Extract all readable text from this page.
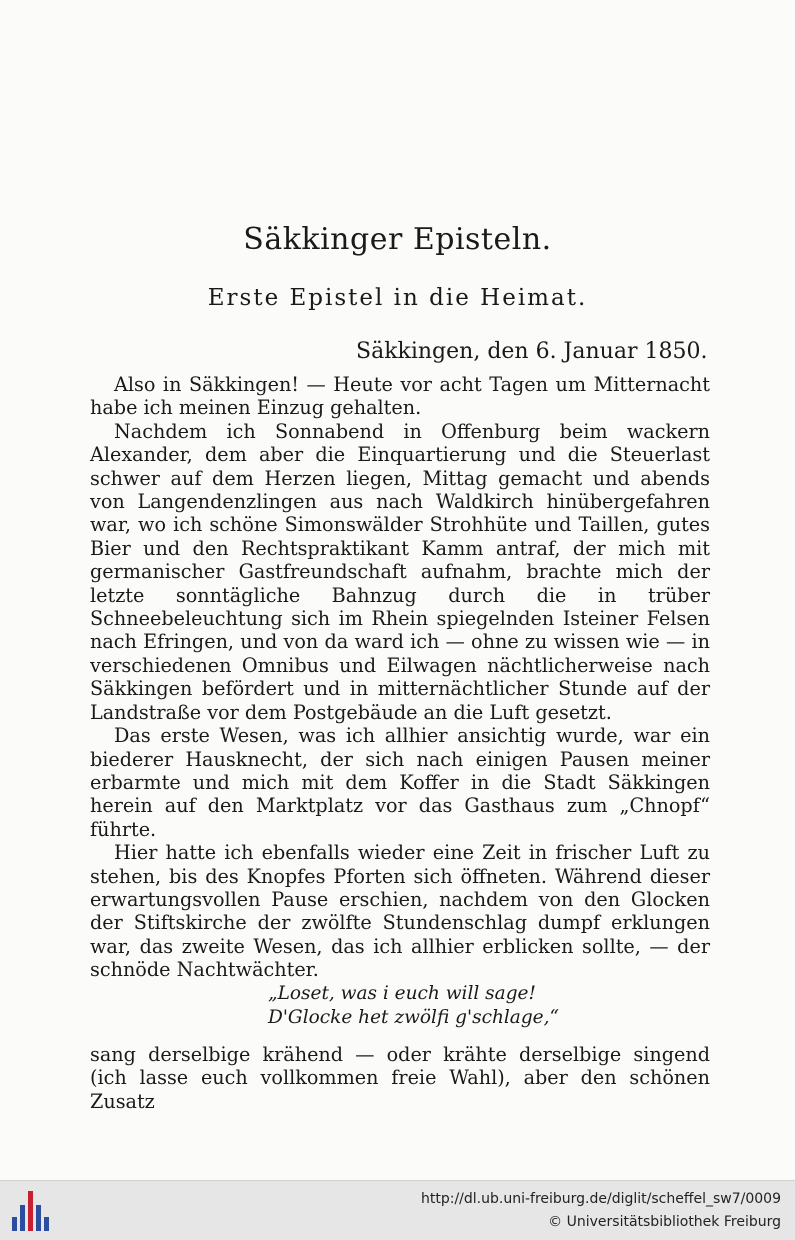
Säkkinger Episteln.
Erste Epistel in die Heimat.
Säkkingen, den 6. Januar 1850.

Also in Säkkingen! — Heute vor acht Tagen um Mitternacht habe ich meinen Einzug gehalten.

Nachdem ich Sonnabend in Offenburg beim wackern Alexander, dem aber die Einquartierung und die Steuerlast schwer auf dem Herzen liegen, Mittag gemacht und abends von Langendenzlingen aus nach Waldkirch hinübergefahren war, wo ich schöne Simonswälder Strohhüte und Taillen, gutes Bier und den Rechtspraktikant Kamm antraf, der mich mit germanischer Gastfreundschaft aufnahm, brachte mich der letzte sonntägliche Bahnzug durch die in trüber Schneebeleuchtung sich im Rhein spiegelnden Isteiner Felsen nach Efringen, und von da ward ich — ohne zu wissen wie — in verschiedenen Omnibus und Eilwagen nächtlicherweise nach Säkkingen befördert und in mitternächtlicher Stunde auf der Landstraße vor dem Postgebäude an die Luft gesetzt.

Das erste Wesen, was ich allhier ansichtig wurde, war ein biederer Hausknecht, der sich nach einigen Pausen meiner erbarmte und mich mit dem Koffer in die Stadt Säkkingen herein auf den Marktplatz vor das Gasthaus zum „Chnopf“ führte.

Hier hatte ich ebenfalls wieder eine Zeit in frischer Luft zu stehen, bis des Knopfes Pforten sich öffneten. Während dieser erwartungsvollen Pause erschien, nachdem von den Glocken der Stiftskirche der zwölfte Stundenschlag dumpf erklungen war, das zweite Wesen, das ich allhier erblicken sollte, — der schnöde Nachtwächter.

„Loset, was i euch will sage!
D'Glocke het zwölfi g'schlage,“
sang derselbige krähend — oder krähte derselbige singend (ich lasse euch vollkommen freie Wahl), aber den schönen Zusatz
http://dl.ub.uni-freiburg.de/diglit/scheffel_sw7/0009
© Universitätsbibliothek Freiburg
